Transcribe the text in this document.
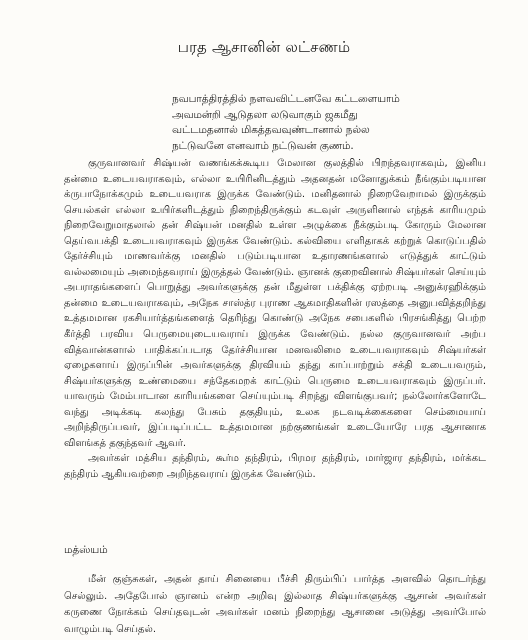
பரத ஆசானின் லட்சணம்
நவபாத்திரத்தில் நளவவிட்டனவே கட்டளையாம்
அவமன்றி ஆடுதலா லடுவாகும் ஜகமீது
வட்டமதனால் மிகத்தவவுண்டானால் நல்ல
நட்டுவனே எனவாம் நட்டுவன் குணம்.

குருவானவர் சிஷ்யன் வணங்கக்கூடிய மேலான குலத்தில் பிறந்தவராகவும், இனிய தன்மை உடையவராகவும், எல்லா உயிரினிடத்தும் அதனதன் மனோதுக்கம் நீங்கும்படியான க்ருபாநோக்கமும் உடையவராக இருக்க வேண்டும். மனிதனால் நிறைவேறாமல் இருக்கும் செயல்கள் எல்லா உயிர்களிடத்தும் நிறைந்திருக்கும் கடவுள் அருளினால் எந்தக் காரியமும் நிறைவேறுமாதலால் தன் சிஷ்யன் மனதில் உள்ள அழுக்கை நீக்கும்படி கோரும் மேலான தெய்வபக்தி உடையவராகவும் இருக்க வேண்டும். கல்வியை எளிதாகக் கற்றுக் கொடுப்பதில் தேர்ச்சியும் மாணவர்க்கு மனதில் படும்படியான உதாரணங்களால் எடுத்துக் காட்டும் வல்லமையும் அமைந்தவராய் இருத்தல் வேண்டும். ஞானக் குறைவினால் சிஷ்யர்கள் செய்யும் அபராதங்களைப் பொறுத்து அவர்களுக்கு தன் மீதுள்ள பக்திக்கு ஏற்றபடி அனுக்ரஹிக்கும் தன்மை உடையவராகவும், அநேக சாஸ்த்ர புராண ஆகமாதிகளின் ரஸத்தை அனுபவித்தறிந்து உத்தமமான ரகசியார்த்தங்களைத் தெரிந்து கொண்டு அநேக சபைகளில் பிரசங்கித்து பெற்ற கீர்த்தி பரவிய பெருமையுடையவராய் இருக்க வேண்டும். நல்ல குருவானவர் அற்ப வித்வான்களால் பாதிக்கப்படாத தேர்ச்சியான மனவலிமை உடையவராகவும் சிஷ்யர்கள் ஏழைகளாய் இருப்பின் அவர்களுக்கு திரவியம் தந்து காப்பாற்றும் சக்தி உடையவரும், சிஷ்யர்களுக்கு உண்மையை சந்தேகமறக் காட்டும் பெருமை உடையவராகவும் இருப்பர். யாவரும் மேம்பாடான காரியங்களை செய்யும்படி சிறந்து விளங்குபவர்; நல்லோர்களோடே வந்து அடிக்கடி கலந்து பேசும் தகுதியும், உலக நடவடிக்கைகளை செம்மையாய் அறிந்திருப்பவர், இப்படிப்பட்ட உத்தமமான நற்குணங்கள் உடையோரே பரத ஆசானாக விளங்கத் தகுந்தவர் ஆவர்.

அவர்கள் மத்சிய தந்திரம், கூர்ம தந்திரம், பிரமர தந்திரம், மார்ஜார தந்திரம், மர்க்கட தந்திரம் ஆகியவற்றை அறிந்தவராய் இருக்க வேண்டும்.

மத்ஸ்யம்

மீன் குஞ்சுகள், அதன் தாய் சினையை பீச்சி திரும்பிப் பார்த்த அளவில் தொடர்ந்து செல்லும். அதேபோல் ஞானம் என்ற அறிவு இல்லாத சிஷ்யர்களுக்கு ஆசான் அவர்கள் கருணை நோக்கம் செய்தவுடன் அவர்கள் மனம் நிறைந்து ஆசானை அடுத்து அவர்போல் வாழும்படி செய்தல்.
